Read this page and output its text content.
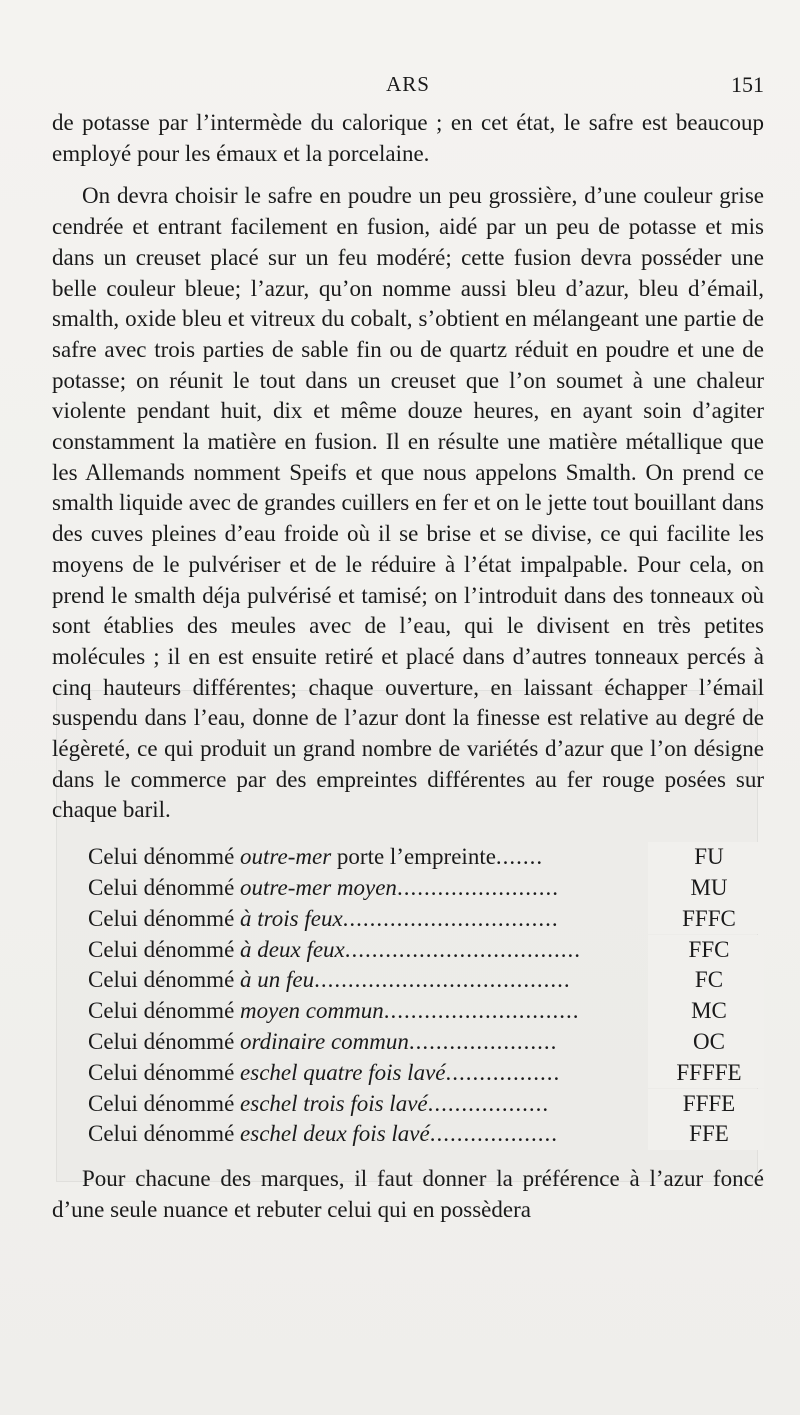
ARS	151

de potasse par l’intermède du calorique ; en cet état, le safre est beaucoup employé pour les émaux et la porcelaine.

On devra choisir le safre en poudre un peu grossière, d’une couleur grise cendrée et entrant facilement en fusion, aidé par un peu de potasse et mis dans un creuset placé sur un feu modéré; cette fusion devra posséder une belle couleur bleue; l’azur, qu’on nomme aussi bleu d’azur, bleu d’émail, smalth, oxide bleu et vitreux du cobalt, s’obtient en mélangeant une partie de safre avec trois parties de sable fin ou de quartz réduit en poudre et une de potasse; on réunit le tout dans un creuset que l’on soumet à une chaleur violente pendant huit, dix et même douze heures, en ayant soin d’agiter constamment la matière en fusion. Il en résulte une matière métallique que les Allemands nomment Speifs et que nous appelons Smalth. On prend ce smalth liquide avec de grandes cuillers en fer et on le jette tout bouillant dans des cuves pleines d’eau froide où il se brise et se divise, ce qui facilite les moyens de le pulvériser et de le réduire à l’état impalpable. Pour cela, on prend le smalth déja pulvérisé et tamisé; on l’introduit dans des tonneaux où sont établies des meules avec de l’eau, qui le divisent en très petites molécules ; il en est ensuite retiré et placé dans d’autres tonneaux percés à cinq hauteurs différentes; chaque ouverture, en laissant échapper l’émail suspendu dans l’eau, donne de l’azur dont la finesse est relative au degré de légèreté, ce qui produit un grand nombre de variétés d’azur que l’on désigne dans le commerce par des empreintes différentes au fer rouge posées sur chaque baril.

Celui dénommé outre-mer porte l’empreinte.......	FU
Celui dénommé outre-mer moyen........................	MU
Celui dénommé à trois feux................................	FFFC
Celui dénommé à deux feux...................................	FFC
Celui dénommé à un feu......................................	FC
Celui dénommé moyen commun.............................	MC
Celui dénommé ordinaire commun......................	OC
Celui dénommé eschel quatre fois lavé.................	FFFFE
Celui dénommé eschel trois fois lavé..................	FFFE
Celui dénommé eschel deux fois lavé...................	FFE

Pour chacune des marques, il faut donner la préférence à l’azur foncé d’une seule nuance et rebuter celui qui en possèdera
